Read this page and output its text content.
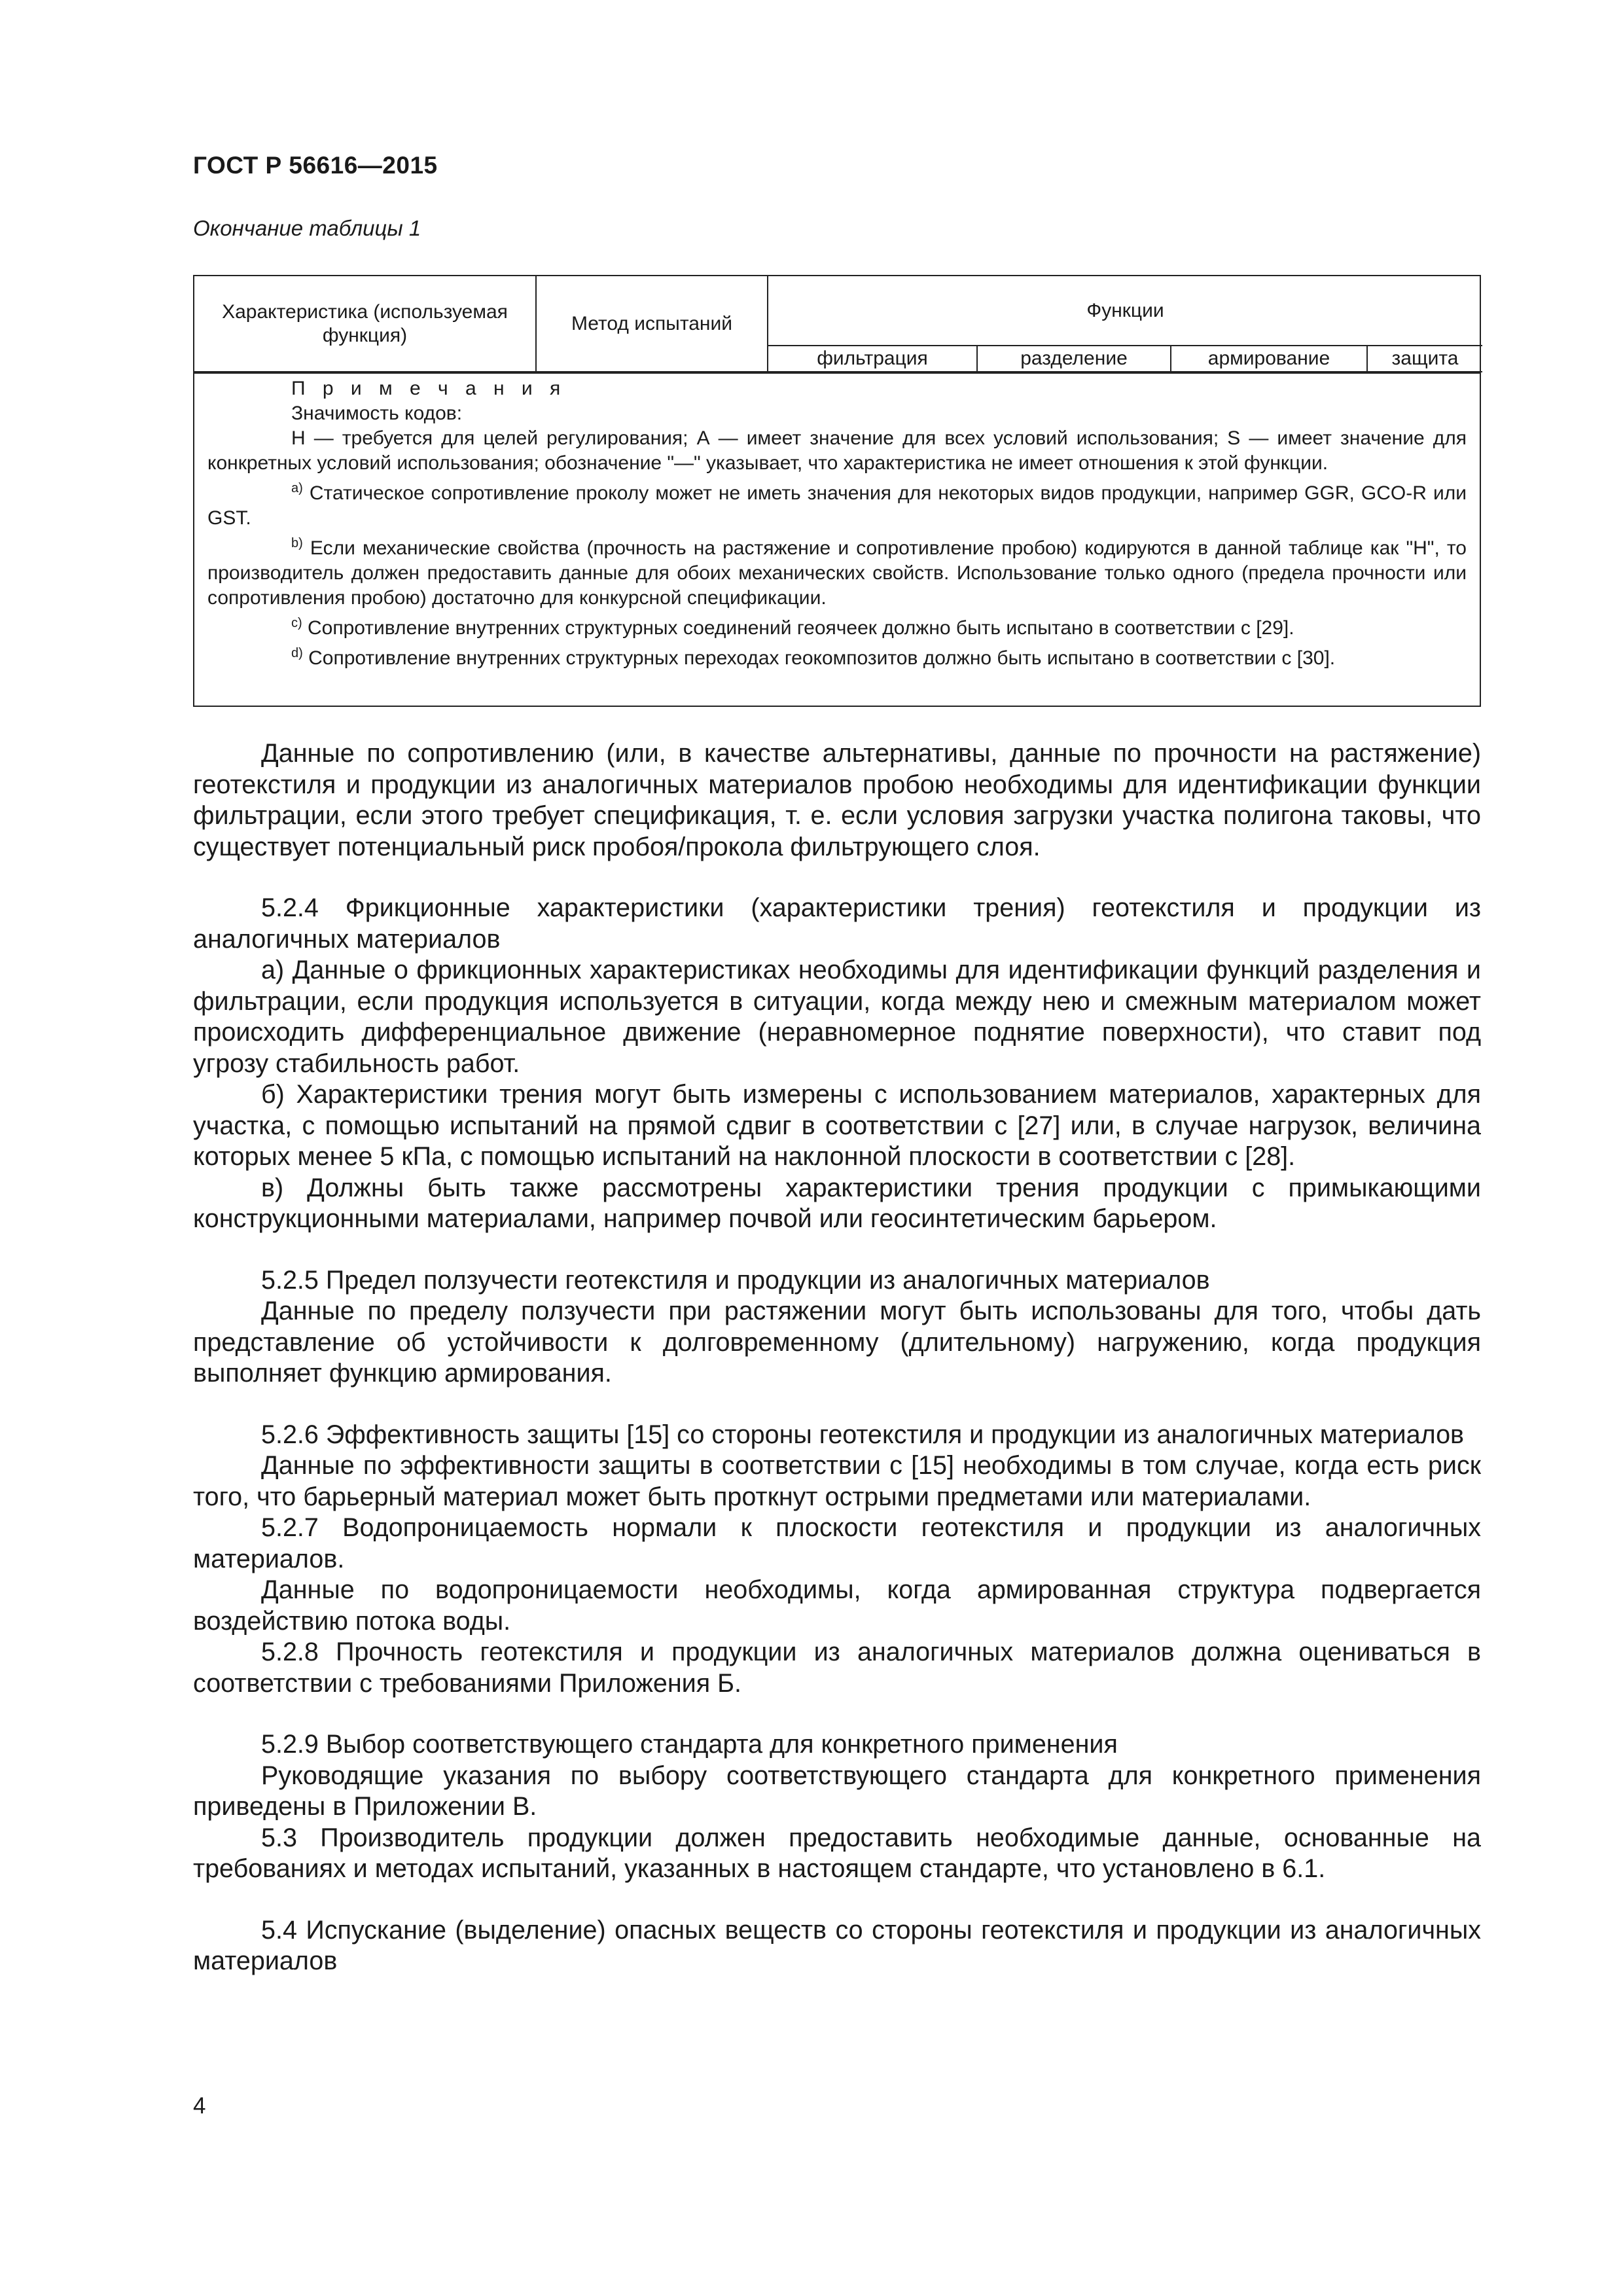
ГОСТ Р 56616—2015
Окончание таблицы 1
Характеристика (используемая функция)	Метод испытаний	Функции			
		фильтрация	разделение	армирование	защита

П р и м е ч а н и я

Значимость кодов:

Н — требуется для целей регулирования; А — имеет значение для всех условий использования; S — имеет значение для конкретных условий использования; обозначение "—" указывает, что характеристика не имеет отношения к этой функции.

$^{a)}$ Статическое сопротивление проколу может не иметь значения для некоторых видов продукции, например GGR, GCO-R или GST.

$^{b)}$ Если механические свойства (прочность на растяжение и сопротивление пробою) кодируются в данной таблице как "Н", то производитель должен предоставить данные для обоих механических свойств. Использование только одного (предела прочности или сопротивления пробою) достаточно для конкурсной спецификации.

$^{c)}$ Сопротивление внутренних структурных соединений геоячеек должно быть испытано в соответствии с [29].

$^{d)}$ Сопротивление внутренних структурных переходах геокомпозитов должно быть испытано в соответствии с [30].

Данные по сопротивлению (или, в качестве альтернативы, данные по прочности на растяжение) геотекстиля и продукции из аналогичных материалов пробою необходимы для идентификации функции фильтрации, если этого требует спецификация, т. е. если условия загрузки участка полигона таковы, что существует потенциальный риск пробоя/прокола фильтрующего слоя.

5.2.4 Фрикционные характеристики (характеристики трения) геотекстиля и продукции из аналогичных материалов

а) Данные о фрикционных характеристиках необходимы для идентификации функций разделения и фильтрации, если продукция используется в ситуации, когда между нею и смежным материалом может происходить дифференциальное движение (неравномерное поднятие поверхности), что ставит под угрозу стабильность работ.

б) Характеристики трения могут быть измерены с использованием материалов, характерных для участка, с помощью испытаний на прямой сдвиг в соответствии с [27] или, в случае нагрузок, величина которых менее 5 кПа, с помощью испытаний на наклонной плоскости в соответствии с [28].

в) Должны быть также рассмотрены характеристики трения продукции с примыкающими конструкционными материалами, например почвой или геосинтетическим барьером.

5.2.5 Предел ползучести геотекстиля и продукции из аналогичных материалов

Данные по пределу ползучести при растяжении могут быть использованы для того, чтобы дать представление об устойчивости к долговременному (длительному) нагружению, когда продукция выполняет функцию армирования.

5.2.6 Эффективность защиты [15] со стороны геотекстиля и продукции из аналогичных материалов

Данные по эффективности защиты в соответствии с [15] необходимы в том случае, когда есть риск того, что барьерный материал может быть проткнут острыми предметами или материалами.

5.2.7 Водопроницаемость нормали к плоскости геотекстиля и продукции из аналогичных материалов.

Данные по водопроницаемости необходимы, когда армированная структура подвергается воздействию потока воды.

5.2.8 Прочность геотекстиля и продукции из аналогичных материалов должна оцениваться в соответствии с требованиями Приложения Б.

5.2.9 Выбор соответствующего стандарта для конкретного применения

Руководящие указания по выбору соответствующего стандарта для конкретного применения приведены в Приложении В.

5.3 Производитель продукции должен предоставить необходимые данные, основанные на требованиях и методах испытаний, указанных в настоящем стандарте, что установлено в 6.1.

5.4 Испускание (выделение) опасных веществ со стороны геотекстиля и продукции из аналогичных материалов

4
